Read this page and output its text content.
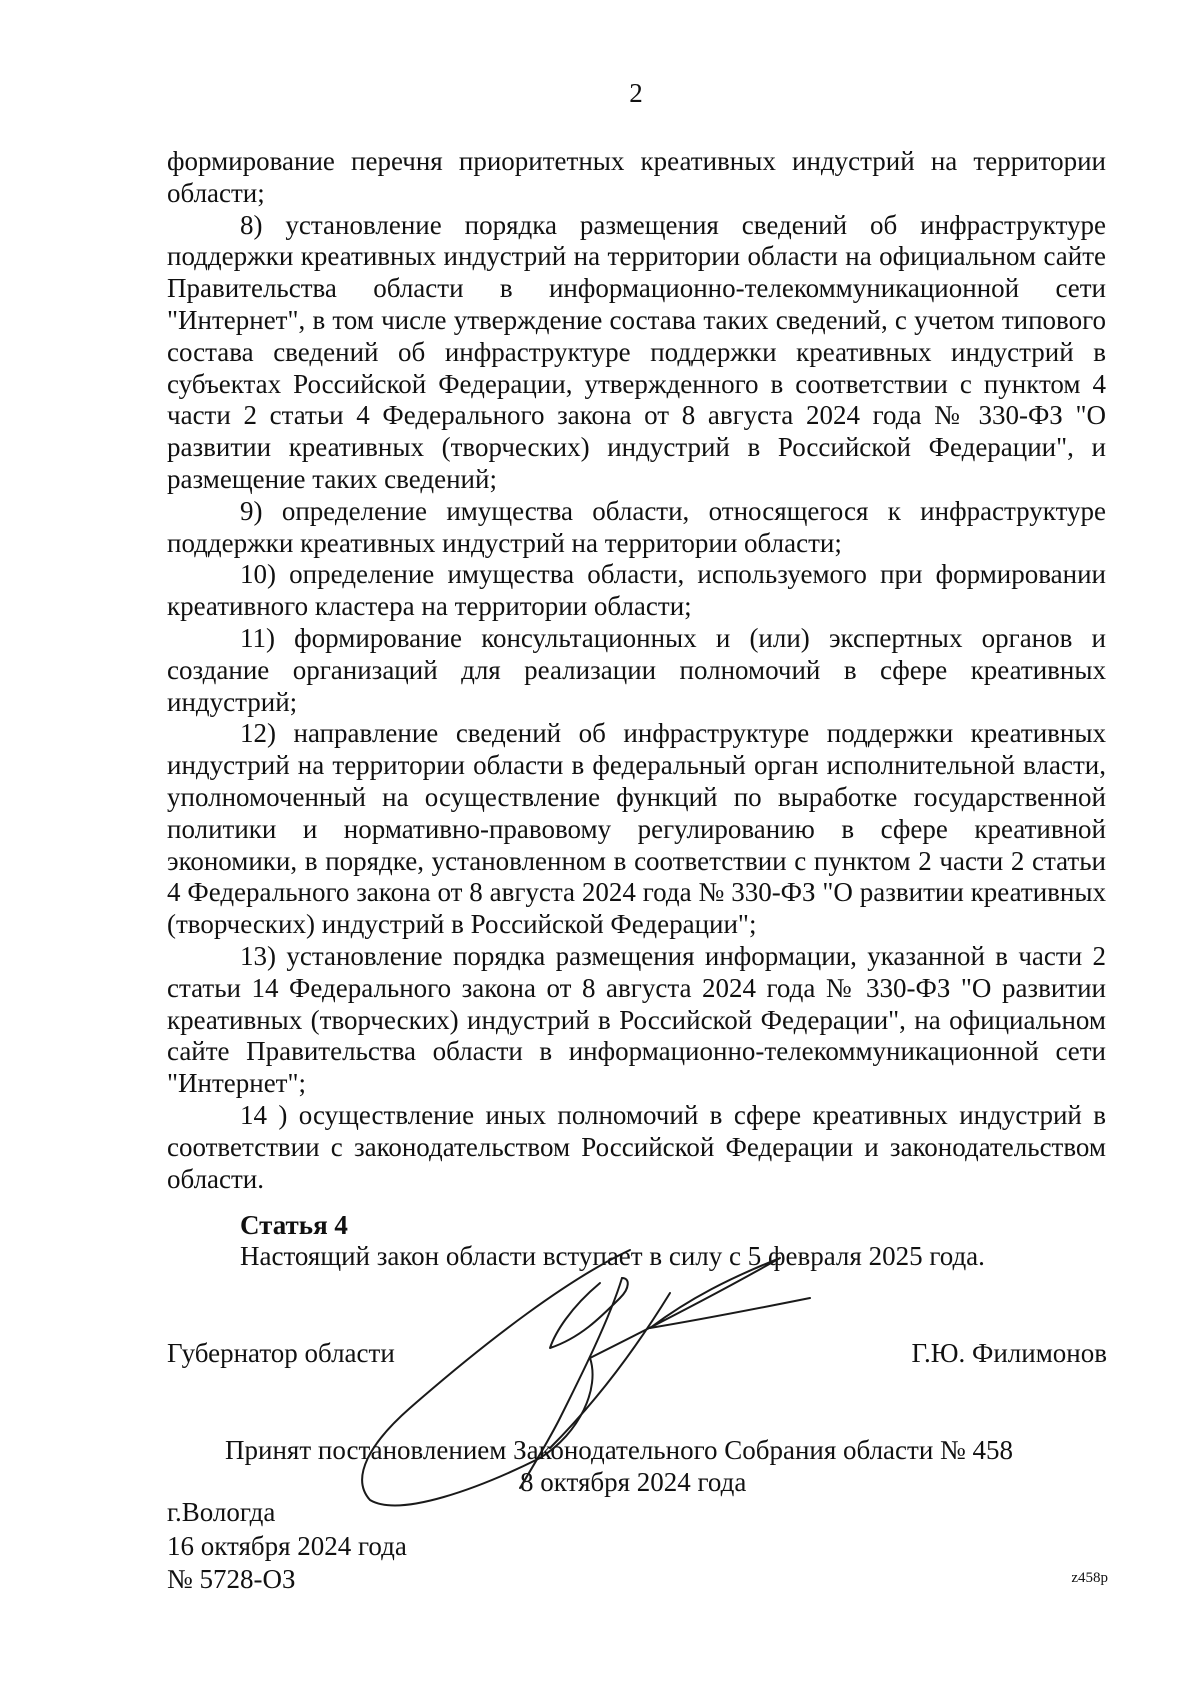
2

формирование перечня приоритетных креативных индустрий на территории области;

8) установление порядка размещения сведений об инфраструктуре поддержки креативных индустрий на территории области на официальном сайте Правительства области в информационно-телекоммуникационной сети "Интернет", в том числе утверждение состава таких сведений, с учетом типового состава сведений об инфраструктуре поддержки креативных индустрий в субъектах Российской Федерации, утвержденного в соответствии с пунктом 4 части 2 статьи 4 Федерального закона от 8 августа 2024 года № 330-ФЗ "О развитии креативных (творческих) индустрий в Российской Федерации", и размещение таких сведений;

9) определение имущества области, относящегося к инфраструктуре поддержки креативных индустрий на территории области;

10) определение имущества области, используемого при формировании креативного кластера на территории области;

11) формирование консультационных и (или) экспертных органов и создание организаций для реализации полномочий в сфере креативных индустрий;

12) направление сведений об инфраструктуре поддержки креативных индустрий на территории области в федеральный орган исполнительной власти, уполномоченный на осуществление функций по выработке государственной политики и нормативно-правовому регулированию в сфере креативной экономики, в порядке, установленном в соответствии с пунктом 2 части 2 статьи 4 Федерального закона от 8 августа 2024 года № 330-ФЗ "О развитии креативных (творческих) индустрий в Российской Федерации";

13) установление порядка размещения информации, указанной в части 2 статьи 14 Федерального закона от 8 августа 2024 года № 330-ФЗ "О развитии креативных (творческих) индустрий в Российской Федерации", на официальном сайте Правительства области в информационно-телекоммуникационной сети "Интернет";

14 ) осуществление иных полномочий в сфере креативных индустрий в соответствии с законодательством Российской Федерации и законодательством области.

Статья 4
Настоящий закон области вступает в силу с 5 февраля 2025 года.
Губернатор области	Г.Ю. Филимонов
Принят постановлением Законодательного Собрания области № 458
8 октября 2024 года
г.Вологда
16 октября 2024 года
№ 5728-ОЗ	z458р
